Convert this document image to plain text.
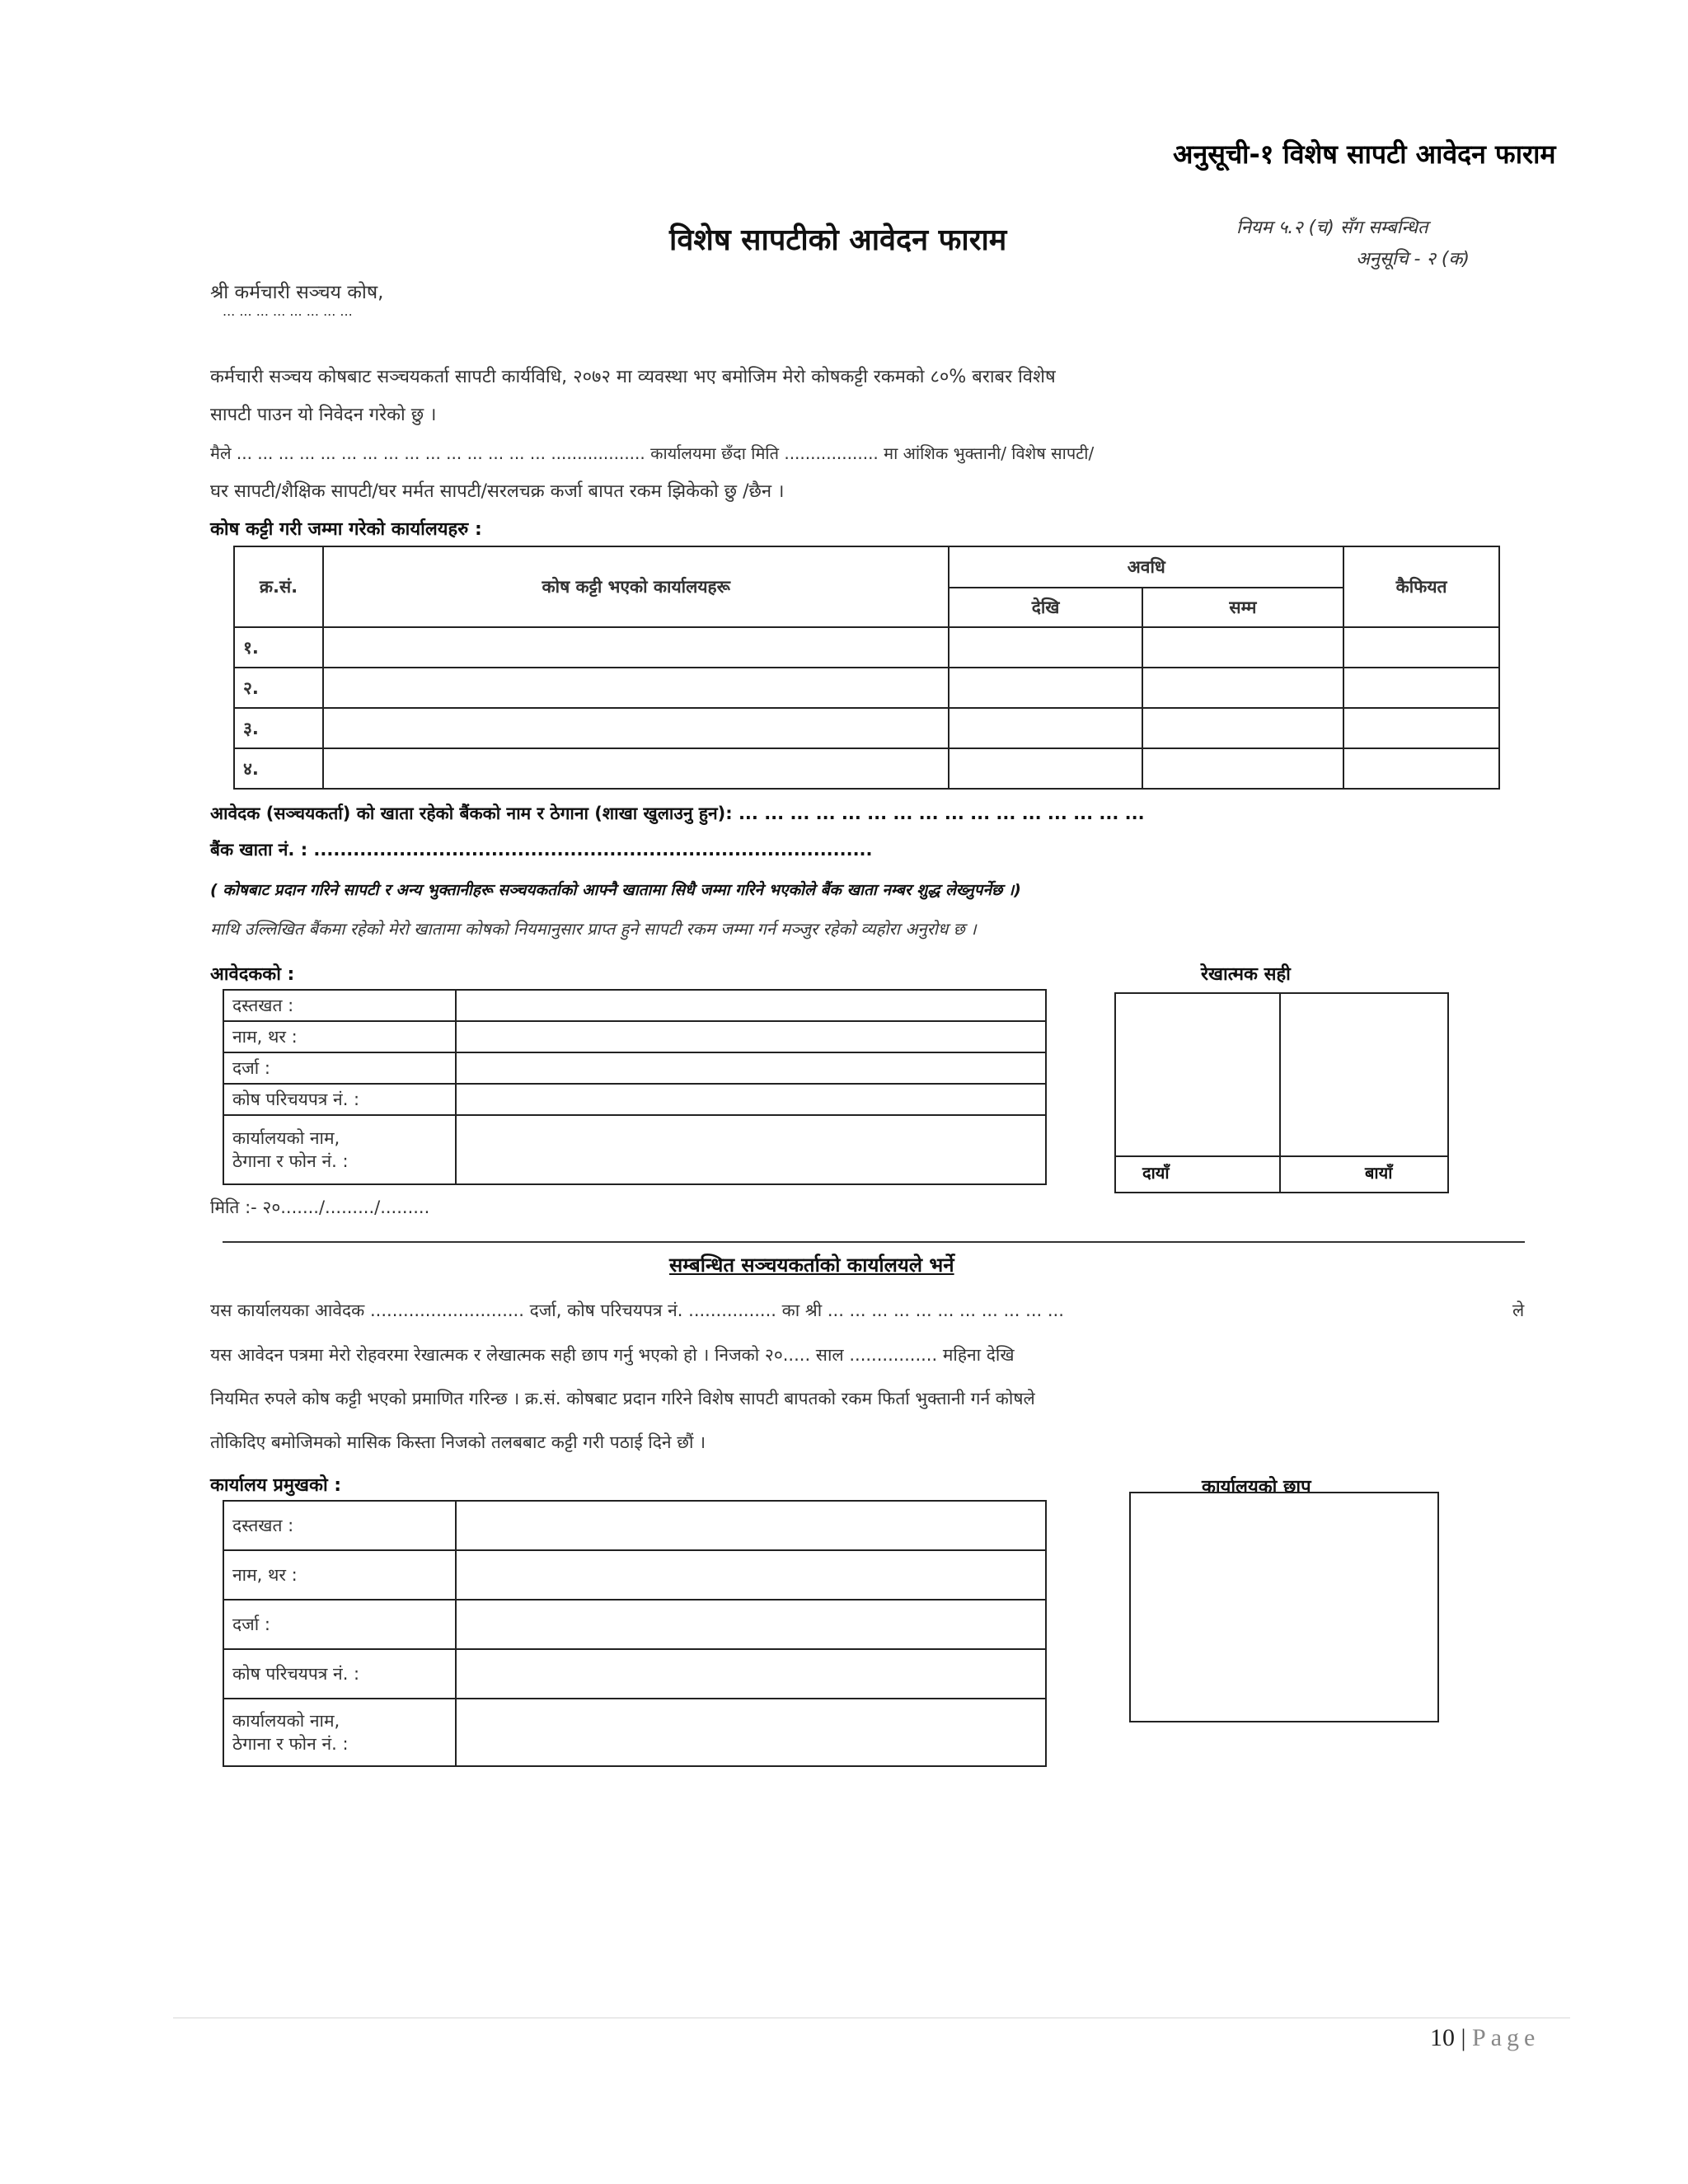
अनुसूची-१ विशेष सापटी आवेदन फाराम
विशेष सापटीको आवेदन फाराम	नियम ५.२ (च) सँग सम्बन्धित
अनुसूचि - २ (क)
श्री कर्मचारी सञ्चय कोष,
... ... ... ... ... ... ... ...
कर्मचारी सञ्चय कोषबाट सञ्चयकर्ता सापटी कार्यविधि, २०७२ मा व्यवस्था भए बमोजिम मेरो कोषकट्टी रकमको ८०% बराबर विशेष
सापटी पाउन यो निवेदन गरेको छु ।
मैले ... ... ... ... ... ... ... ... ... ... ... ... ... ... ... .................. कार्यालयमा छँदा मिति .................. मा आंशिक भुक्तानी/ विशेष सापटी/
घर सापटी/शैक्षिक सापटी/घर मर्मत सापटी/सरलचक्र कर्जा बापत रकम झिकेको छु /छैन ।
कोष कट्टी गरी जम्मा गरेको कार्यालयहरु :
क्र.सं.	कोष कट्टी भएको कार्यालयहरू	अवधि		कैफियत
		देखि	सम्म	
१.				
२.				
३.				
४.				
आवेदक (सञ्चयकर्ता) को खाता रहेको बैंकको नाम र ठेगाना (शाखा खुलाउनु हुन): ... ... ... ... ... ... ... ... ... ... ... ... ... ... ... ...
बैंक खाता नं. : .....................................................................................
( कोषबाट प्रदान गरिने सापटी र अन्य भुक्तानीहरू सञ्चयकर्ताको आफ्नै खातामा सिधै जम्मा गरिने भएकोले बैंक खाता नम्बर शुद्ध लेख्नुपर्नेछ ।)
माथि उल्लिखित बैंकमा रहेको मेरो खातामा कोषको नियमानुसार प्राप्त हुने सापटी रकम जम्मा गर्न मञ्जुर रहेको व्यहोरा अनुरोध छ ।
आवेदकको :
दस्तखत :	
नाम, थर :	
दर्जा :	
कोष परिचयपत्र नं. :	

कार्यालयको नाम,
ठेगाना र फोन नं. :	

रेखात्मक सही
दायाँ	बायाँ
मिति :- २०......./........./.........
सम्बन्धित सञ्चयकर्ताको कार्यालयले भर्ने
यस कार्यालयका आवेदक ............................ दर्जा, कोष परिचयपत्र नं. ................ का श्री ... ... ... ... ... ... ... ... ... ... ...	ले
यस आवेदन पत्रमा मेरो रोहवरमा रेखात्मक र लेखात्मक सही छाप गर्नु भएको हो । निजको २०..... साल ................ महिना देखि
नियमित रुपले कोष कट्टी भएको प्रमाणित गरिन्छ । क्र.सं. कोषबाट प्रदान गरिने विशेष सापटी बापतको रकम फिर्ता भुक्तानी गर्न कोषले
तोकिदिए बमोजिमको मासिक किस्ता निजको तलबबाट कट्टी गरी पठाई दिने छौं ।
कार्यालय प्रमुखको :
दस्तखत :	
नाम, थर :	
दर्जा :	
कोष परिचयपत्र नं. :	

कार्यालयको नाम,
ठेगाना र फोन नं. :	

कार्यालयको छाप
10 | Page
